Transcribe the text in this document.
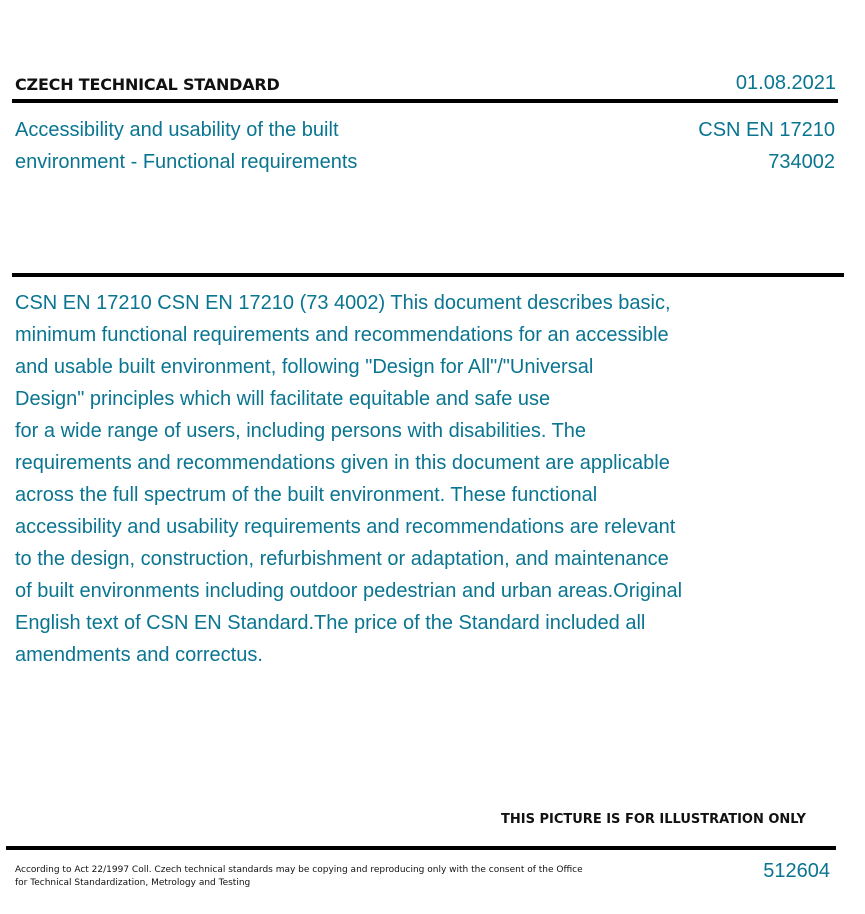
CZECH TECHNICAL STANDARD	01.08.2021
Accessibility and usability of the built environment - Functional requirements
CSN EN 17210
734002
CSN EN 17210 CSN EN 17210 (73 4002) This document describes basic,
minimum functional requirements and recommendations for an accessible
and usable built environment, following "Design for All"/"Universal
Design" principles which will facilitate equitable and safe use
for a wide range of users, including persons with disabilities. The
requirements and recommendations given in this document are applicable
across the full spectrum of the built environment. These functional
accessibility and usability requirements and recommendations are relevant
to the design, construction, refurbishment or adaptation, and maintenance
of built environments including outdoor pedestrian and urban areas.Original
English text of CSN EN Standard.The price of the Standard included all
amendments and correctus.
THIS PICTURE IS FOR ILLUSTRATION ONLY
According to Act 22/1997 Coll. Czech technical standards may be copying and reproducing only with the consent of the Office
for Technical Standardization, Metrology and Testing
512604
